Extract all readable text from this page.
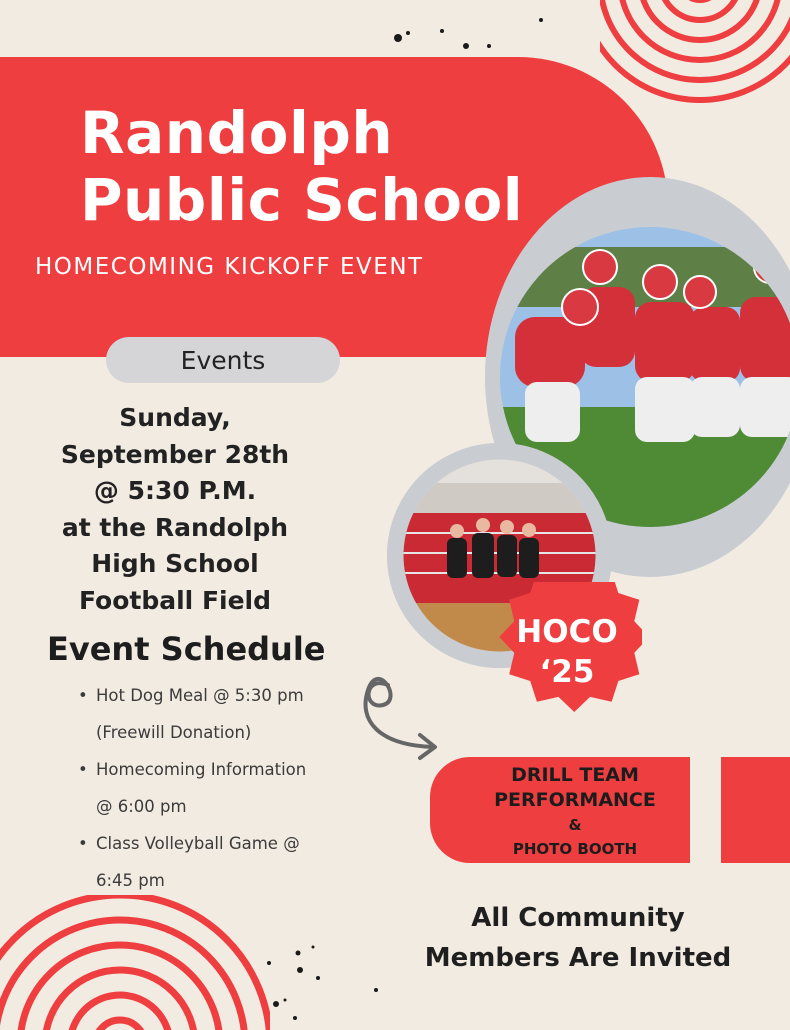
Randolph
Public School
HOMECOMING KICKOFF EVENT
Events
Sunday,
September 28th
@ 5:30 P.M.
at the Randolph
High School
Football Field
Event Schedule
• Hot Dog Meal @ 5:30 pm
(Freewill Donation)
• Homecoming Information
@ 6:00 pm
• Class Volleyball Game @
6:45 pm
HOCO
‘25
DRILL TEAM
PERFORMANCE
&
PHOTO BOOTH
All Community
Members Are Invited
